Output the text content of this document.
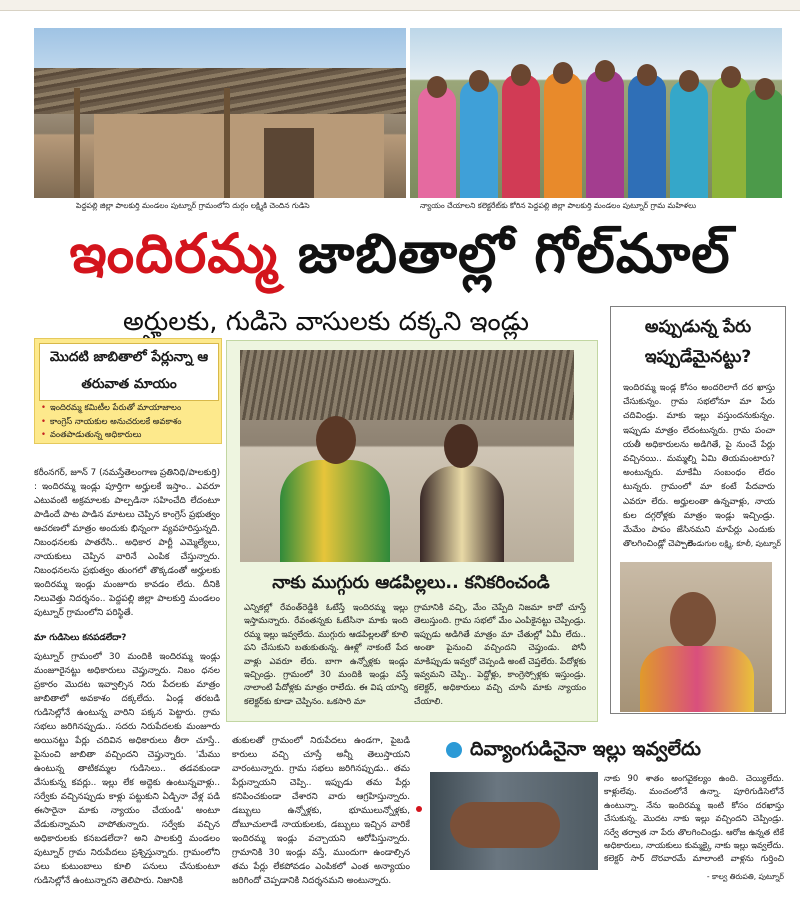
పెద్దపల్లి జిల్లా పాలకుర్తి మండలం పుట్నూర్ గ్రామంలోని దుర్గం లక్ష్మికి చెందిన గుడిసె	న్యాయం చేయాలని కలెక్టరేట్‌కు కోరిన పెద్దపల్లి జిల్లా పాలకుర్తి మండలం పుట్నూర్ గ్రామ మహిళలు
ఇందిరమ్మ జాబితాల్లో గోల్‌మాల్
అర్హులకు, గుడిసె వాసులకు దక్కని ఇండ్లు
మొదటి జాబితాలో పేర్లున్నా ఆ తరువాత మాయం
• ఇందిరమ్మ కమిటీల పేరుతో మాయాజాలం
• కాంగ్రెస్ నాయకుల అనుచరులకే అవకాశం
• వంతపాడుతున్న అధికారులు

కరీంనగర్, జూన్ 7 (నమస్తేతెలంగాణ ప్రతినిధి/పాలకుర్తి) : ఇందిరమ్మ ఇండ్లు పూర్తిగా అర్హులకే ఇస్తాం.. ఎవరూ ఎటువంటి అక్రమాలకు పాల్పడినా సహించేది లేదంటూ పాడిందే పాట పాడిన మాటలు చెప్పిన కాంగ్రెస్ ప్రభుత్వం ఆచరణలో మాత్రం అందుకు భిన్నంగా వ్యవహరిస్తున్నది. నిబంధనలకు పాతరేసి.. అధికార పార్టీ ఎమ్మెల్యేలు, నాయకులు చెప్పిన వారినే ఎంపిక చేస్తున్నారు. నిబంధనలను ప్రభుత్వం తుంగలో తొక్కడంతో అర్హులకు ఇందిరమ్మ ఇండ్లు మంజూరు కావడం లేదు. దీనికి నిలువెత్తు నిదర్శనం.. పెద్దపల్లి జిల్లా పాలకుర్తి మండలం పుట్నూర్ గ్రామంలోని పరిస్థితే.

మా గుడిసెలు కనపడలేదా?

పుట్నూర్ గ్రామంలో 30 మందికి ఇందిరమ్మ ఇండ్లు మంజూరైనట్టు అధికారులు చెప్తున్నారు. నిబం ధనల ప్రకారం మొదట ఇవ్వాల్సిన నిరు పేదలకు మాత్రం జాబితాలో అవకాశం దక్కలేదు. ఏండ్ల తరబడి గుడిసెల్లోనే ఉంటున్న వారిని పక్కన పెట్టారు. గ్రామ సభలు జరిగినప్పుడు.. సదరు నిరుపేదలకు మంజూరు అయినట్టు పేర్లు చదివిన అధికారులు తీరా చూస్తే.. పైనుంచి జాబితా వచ్చిందని చెప్తున్నారు. 'మేము ఉంటున్న తాటికమ్మల గుడిసెలు.. తడవకుండా వేసుకున్న కవర్లు.. ఇల్లు లేక అద్దెకు ఉంటున్నవాళ్లు.. సర్వేకు వచ్చినప్పుడు కాళ్లు పట్టుకుని ఏడ్చినా వేళ్ల పడి ఈసారైనా మాకు న్యాయం చేయండి' అంటూ వేడుకున్నామని వాపోతున్నారు. సర్వేకు వచ్చిన అధికారులకు కనబడలేదా? అని పాలకుర్తి మండలం పుట్నూర్ గ్రామ నిరుపేదలు ప్రశ్నిస్తున్నారు. గ్రామంలోని పలు కుటుంబాలు కూలి పనులు చేసుకుంటూ గుడిసెల్లోనే ఉంటున్నారని తెలిపారు. నిజానికి

నాకు ముగ్గురు ఆడపిల్లలు.. కనికరించండి

ఎన్నికల్లో రేవంత్‌రెడ్డికి ఓటేస్తే ఇందిరమ్మ ఇల్లు ఇస్తామన్నారు. రేవంతన్నకు ఓటేసినా మాకు ఇంది రమ్మ ఇల్లు ఇవ్వలేదు. ముగ్గురు ఆడపిల్లలతో కూలి పని చేసుకుని బతుకుతున్న. ఊళ్లో నాకంటే పేద వాళ్లు ఎవరూ లేరు. బాగా ఉన్నోళ్లకు ఇండ్లు ఇచ్చిండ్రు. గ్రామంలో 30 మందికి ఇండ్లు వస్తే నాలాంటి పేదోళ్లకు మాత్రం రాలేదు. ఈ విష యాన్ని కలెక్టర్‌కు కూడా చెప్పినం. ఒకసారి మా

గ్రామానికి వచ్చి, మేం చెప్పేది నిజమా కాదో చూస్తే తెలుస్తుంది. గ్రామ సభలో మేం ఎంపికైనట్టు చెప్పిండ్రు. ఇప్పుడు అడిగితే మాత్రం మా చేతుల్లో ఏమీ లేదు.. అంతా పైనుంచి వచ్చిందని చెప్తుండు. పోనీ మాకిప్పుడు ఇవ్వరో చెప్పండి అంటే చెప్తలేరు. పేదోళ్లకు ఇవ్వమని చెప్పి.. పెద్దోళ్లు, కాంగ్రెస్సోళ్లకు ఇస్తుండ్రు. కలెక్టర్, అధికారులు వచ్చి చూసి మాకు న్యాయం చేయాలి.

తుకులతో గ్రామంలో నిరుపేదలు ఉండగా, పైబడి కారులు వచ్చి చూస్తే అన్నీ తెలుస్తాయని వారంటున్నారు. గ్రామ సభలు జరిగినప్పుడు.. తమ పేర్లున్నాయని చెప్పి.. ఇప్పుడు తమ పేర్లు కనిపించకుండా చేశారని వారు ఆగ్రహిస్తున్నారు. డబ్బులు ఉన్నోళ్లకు, భూములున్నోళ్లకు, దోబూచులాడే నాయకులకు, డబ్బులు ఇచ్చిన వారికే ఇందిరమ్మ ఇండ్లు వచ్చాయని ఆరోపిస్తున్నారు. గ్రామానికి 30 ఇండ్లు వస్తే, ముందుగా ఉండాల్సిన తమ పేర్లు లేకపోవడం ఎంపికలో ఎంత అన్యాయం జరిగిందో చెప్పడానికి నిదర్శనమని అంటున్నారు.

అప్పుడున్న పేరు
ఇప్పుడేమైనట్టు?
ఇందిరమ్మ ఇండ్ల కోసం అందరిలాగే దర ఖాస్తు చేసుకున్నం. గ్రామ సభలోనూ మా పేరు చదివిండ్రు. మాకు ఇల్లు వస్తుందనుకున్నం. ఇప్పుడు మాత్రం లేదంటున్నరు. గ్రామ పంచా యతీ అధికారులను అడిగితే, పై నుంచే పేర్లు వచ్చినయి.. మమ్మల్ని ఏమి తియమంటారు? అంటున్నరు. మాకేమీ సంబంధం లేదం టున్నరు. గ్రామంలో మా కంటే పేదవారు ఎవరూ లేరు. అర్హులంతా ఉన్నవాళ్లు, నాయ కుల దగ్గరోళ్లకు మాత్రం ఇండ్లు ఇచ్చిండ్రు. మేమేం పాపం జేసినమని మాపేర్లు ఎందుకు తొలగించిండ్లో చెప్పాలె.
- దండుగుల లక్ష్మి, కూలీ, పుట్నూర్
దివ్యాంగుడినైనా ఇల్లు ఇవ్వలేదు

నాకు 90 శాతం అంగవైకల్యం ఉంది. చెయ్యిలేదు. కాళ్లులేవు. మంచంలోనే ఉన్నా. పూరిగుడిసెలోనే ఉంటున్నా. నేను ఇందిరమ్మ ఇంటి కోసం దరఖాస్తు చేసుకున్న. మొదట నాకు ఇల్లు వచ్చిందని చెప్పిండ్రు. సర్వే తర్వాత నా పేరు తొలగించిండ్రు. ఆరోజ ఉన్నత టికే అధికారులు, నాయకులు కుమ్మక్కై నాకు ఇల్లు ఇవ్వలేదు. కలెక్టర్ సార్ దొరవారమే మాలాంటి వాళ్లను గుర్తించి

- కాల్వ తిరుపతి, పుట్నూర్
